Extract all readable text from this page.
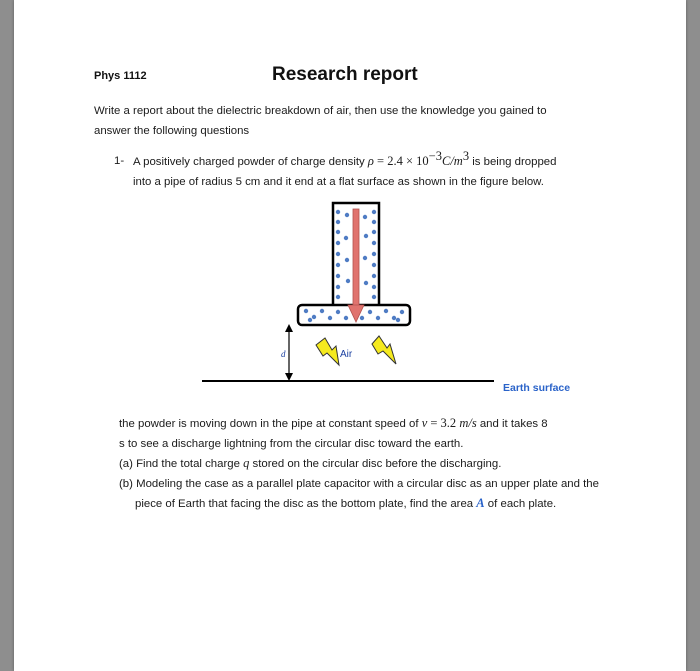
Phys 1112	Research report
Write a report about the dielectric breakdown of air, then use the knowledge you gained to
answer the following questions
1- A positively charged powder of charge density $\rho = 2.4 \times 10^{-3}C/m^3$ is being dropped
into a pipe of radius 5 cm and it end at a flat surface as shown in the figure below.
d	Air
Earth surface
the powder is moving down in the pipe at constant speed of v = 3.2 m/s and it takes 8
s to see a discharge lightning from the circular disc toward the earth.
(a) Find the total charge q stored on the circular disc before the discharging.
(b) Modeling the case as a parallel plate capacitor with a circular disc as an upper plate and the piece of Earth that facing the disc as the bottom plate, find the area A of each plate.
